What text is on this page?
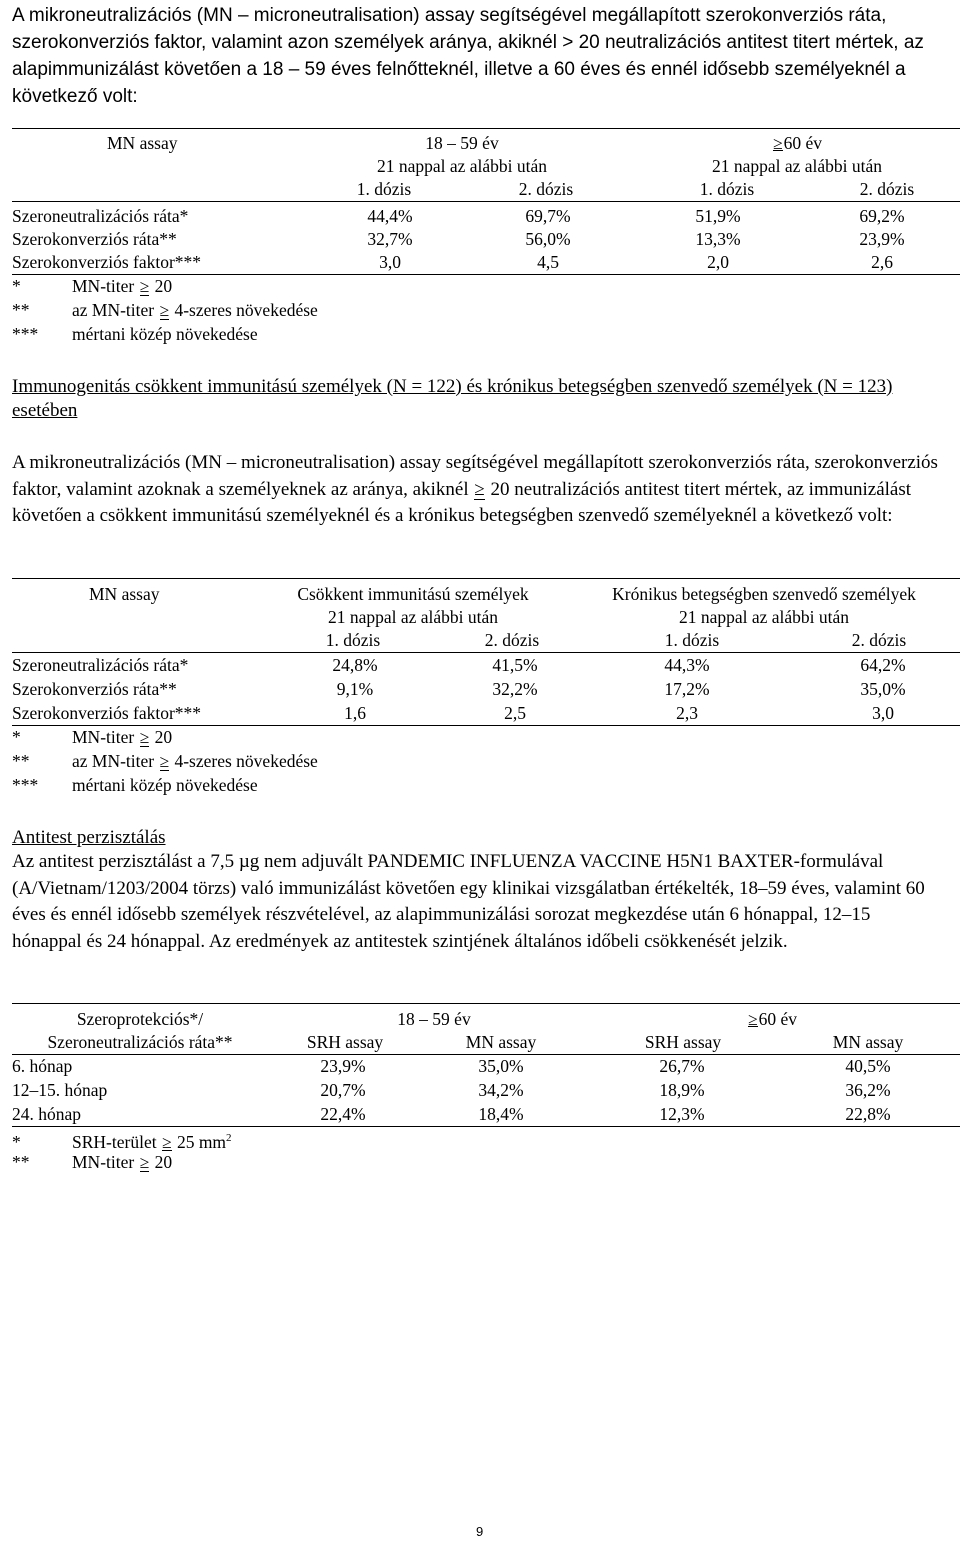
A mikroneutralizációs (MN – microneutralisation) assay segítségével megállapított szerokonverziós ráta, szerokonverziós faktor, valamint azon személyek aránya, akiknél > 20 neutralizációs antitest titert mértek, az alapimmunizálást követően a 18 – 59 éves felnőtteknél, illetve a 60 éves és ennél idősebb személyeknél a következő volt:

MN assay	18 – 59 év
21 nappal az alábbi után
≥60 év
21 nappal az alábbi után
1. dózis	2. dózis	1. dózis	2. dózis
Szeroneutralizációs ráta*	44,4%	69,7%	51,9%	69,2%
Szerokonverziós ráta**	32,7%	56,0%	13,3%	23,9%
Szerokonverziós faktor***	3,0	4,5	2,0	2,6
*	MN-titer ≥ 20
** az MN-titer ≥ 4-szeres növekedése
*** mértani közép növekedése
Immunogenitás csökkent immunitású személyek (N = 122) és krónikus betegségben szenvedő személyek (N = 123) esetében

A mikroneutralizációs (MN – microneutralisation) assay segítségével megállapított szerokonverziós ráta, szerokonverziós faktor, valamint azoknak a személyeknek az aránya, akiknél ≥ 20 neutralizációs antitest titert mértek, az immunizálást követően a csökkent immunitású személyeknél és a krónikus betegségben szenvedő személyeknél a következő volt:

MN assay	Csökkent immunitású személyek
21 nappal az alábbi után
Krónikus betegségben szenvedő személyek
21 nappal az alábbi után
1. dózis	2. dózis	1. dózis	2. dózis
Szeroneutralizációs ráta*	24,8%	41,5%	44,3%	64,2%
Szerokonverziós ráta**	9,1%	32,2%	17,2%	35,0%
Szerokonverziós faktor***	1,6	2,5	2,3	3,0
*	MN-titer ≥ 20
** az MN-titer ≥ 4-szeres növekedése
*** mértani közép növekedése
Antitest perzisztálás

Az antitest perzisztálást a 7,5 µg nem adjuvált PANDEMIC INFLUENZA VACCINE H5N1 BAXTER-formulával (A/Vietnam/1203/2004 törzs) való immunizálást követően egy klinikai vizsgálatban értékelték, 18–59 éves, valamint 60 éves és ennél idősebb személyek részvételével, az alapimmunizálási sorozat megkezdése után 6 hónappal, 12–15 hónappal és 24 hónappal. Az eredmények az antitestek szintjének általános időbeli csökkenését jelzik.

Szeroprotekciós*/
Szeroneutralizációs ráta**
18 – 59 év	≥60 év
SRH assay	MN assay	SRH assay	MN assay
6. hónap	23,9%	35,0%	26,7%	40,5%
12–15. hónap	20,7%	34,2%	18,9%	36,2%
24. hónap	22,4%	18,4%	12,3%	22,8%
*	SRH-terület ≥ 25 $mm^2$
** MN-titer ≥ 20
9
